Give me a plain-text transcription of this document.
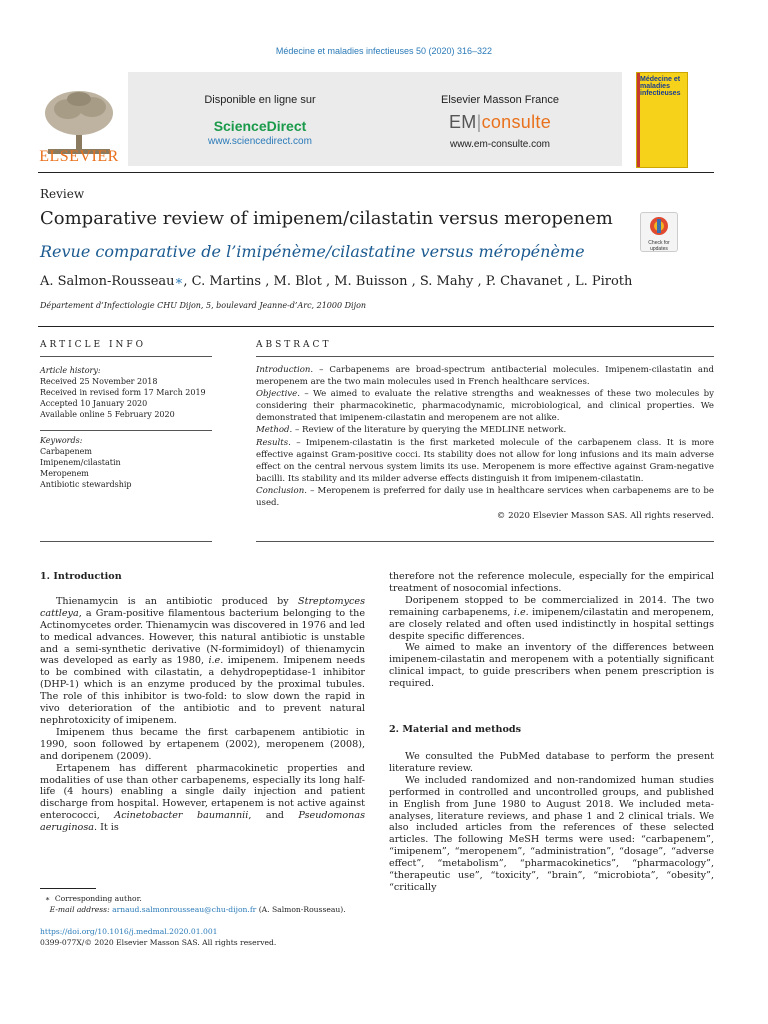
Médecine et maladies infectieuses 50 (2020) 316–322
ELSEVIER
Disponible en ligne sur
ScienceDirect
www.sciencedirect.com
Elsevier Masson France
EM|consulte
www.em-consulte.com
Médecine et maladies infectieuses
Review
Comparative review of imipenem/cilastatin versus meropenem
Revue comparative de l’imipénème/cilastatine versus méropénème	Check for updates
A. Salmon-Rousseau∗, C. Martins , M. Blot , M. Buisson , S. Mahy , P. Chavanet , L. Piroth
Département d’Infectiologie CHU Dijon, 5, boulevard Jeanne-d’Arc, 21000 Dijon
ARTICLE INFO
Article history:
Received 25 November 2018
Received in revised form 17 March 2019
Accepted 10 January 2020
Available online 5 February 2020
Keywords:
Carbapenem
Imipenem/cilastatin
Meropenem
Antibiotic stewardship
ABSTRACT

Introduction. – Carbapenems are broad-spectrum antibacterial molecules. Imipenem-cilastatin and meropenem are the two main molecules used in French healthcare services.

Objective. – We aimed to evaluate the relative strengths and weaknesses of these two molecules by considering their pharmacokinetic, pharmacodynamic, microbiological, and clinical properties. We demonstrated that imipenem-cilastatin and meropenem are not alike.

Method. – Review of the literature by querying the MEDLINE network.

Results. – Imipenem-cilastatin is the first marketed molecule of the carbapenem class. It is more effective against Gram-positive cocci. Its stability does not allow for long infusions and its main adverse effect on the central nervous system limits its use. Meropenem is more effective against Gram-negative bacilli. Its stability and its milder adverse effects distinguish it from imipenem-cilastatin.

Conclusion. – Meropenem is preferred for daily use in healthcare services when carbapenems are to be used.

© 2020 Elsevier Masson SAS. All rights reserved.

1. Introduction

Thienamycin is an antibiotic produced by Streptomyces cattleya, a Gram-positive filamentous bacterium belonging to the Actinomycetes order. Thienamycin was discovered in 1976 and led to medical advances. However, this natural antibiotic is unstable and a semi-synthetic derivative (N-formimidoyl) of thienamycin was developed as early as 1980, i.e. imipenem. Imipenem needs to be combined with cilastatin, a dehydropeptidase-1 inhibitor (DHP-1) which is an enzyme produced by the proximal tubules. The role of this inhibitor is two-fold: to slow down the rapid in vivo deterioration of the antibiotic and to prevent natural nephrotoxicity of imipenem.

Imipenem thus became the first carbapenem antibiotic in 1990, soon followed by ertapenem (2002), meropenem (2008), and doripenem (2009).

Ertapenem has different pharmacokinetic properties and modalities of use than other carbapenems, especially its long half-life (4 hours) enabling a single daily injection and patient discharge from hospital. However, ertapenem is not active against enterococci, Acinetobacter baumannii, and Pseudomonas aeruginosa. It is

therefore not the reference molecule, especially for the empirical treatment of nosocomial infections.

Doripenem stopped to be commercialized in 2014. The two remaining carbapenems, i.e. imipenem/cilastatin and meropenem, are closely related and often used indistinctly in hospital settings despite specific differences.

We aimed to make an inventory of the differences between imipenem-cilastatin and meropenem with a potentially significant clinical impact, to guide prescribers when penem prescription is required.

2. Material and methods

We consulted the PubMed database to perform the present literature review.

We included randomized and non-randomized human studies performed in controlled and uncontrolled groups, and published in English from June 1980 to August 2018. We included meta-analyses, literature reviews, and phase 1 and 2 clinical trials. We also included articles from the references of these selected articles. The following MeSH terms were used: “carbapenem”, “imipenem”, “meropenem”, “administration”, “dosage”, “adverse effect”, “metabolism”, “pharmacokinetics”, “pharmacology”, “therapeutic use”, “toxicity”, “brain”, “microbiota”, “obesity”, “critically

∗ Corresponding author.
E-mail address: arnaud.salmonrousseau@chu-dijon.fr (A. Salmon-Rousseau).
https://doi.org/10.1016/j.medmal.2020.01.001
0399-077X/© 2020 Elsevier Masson SAS. All rights reserved.
